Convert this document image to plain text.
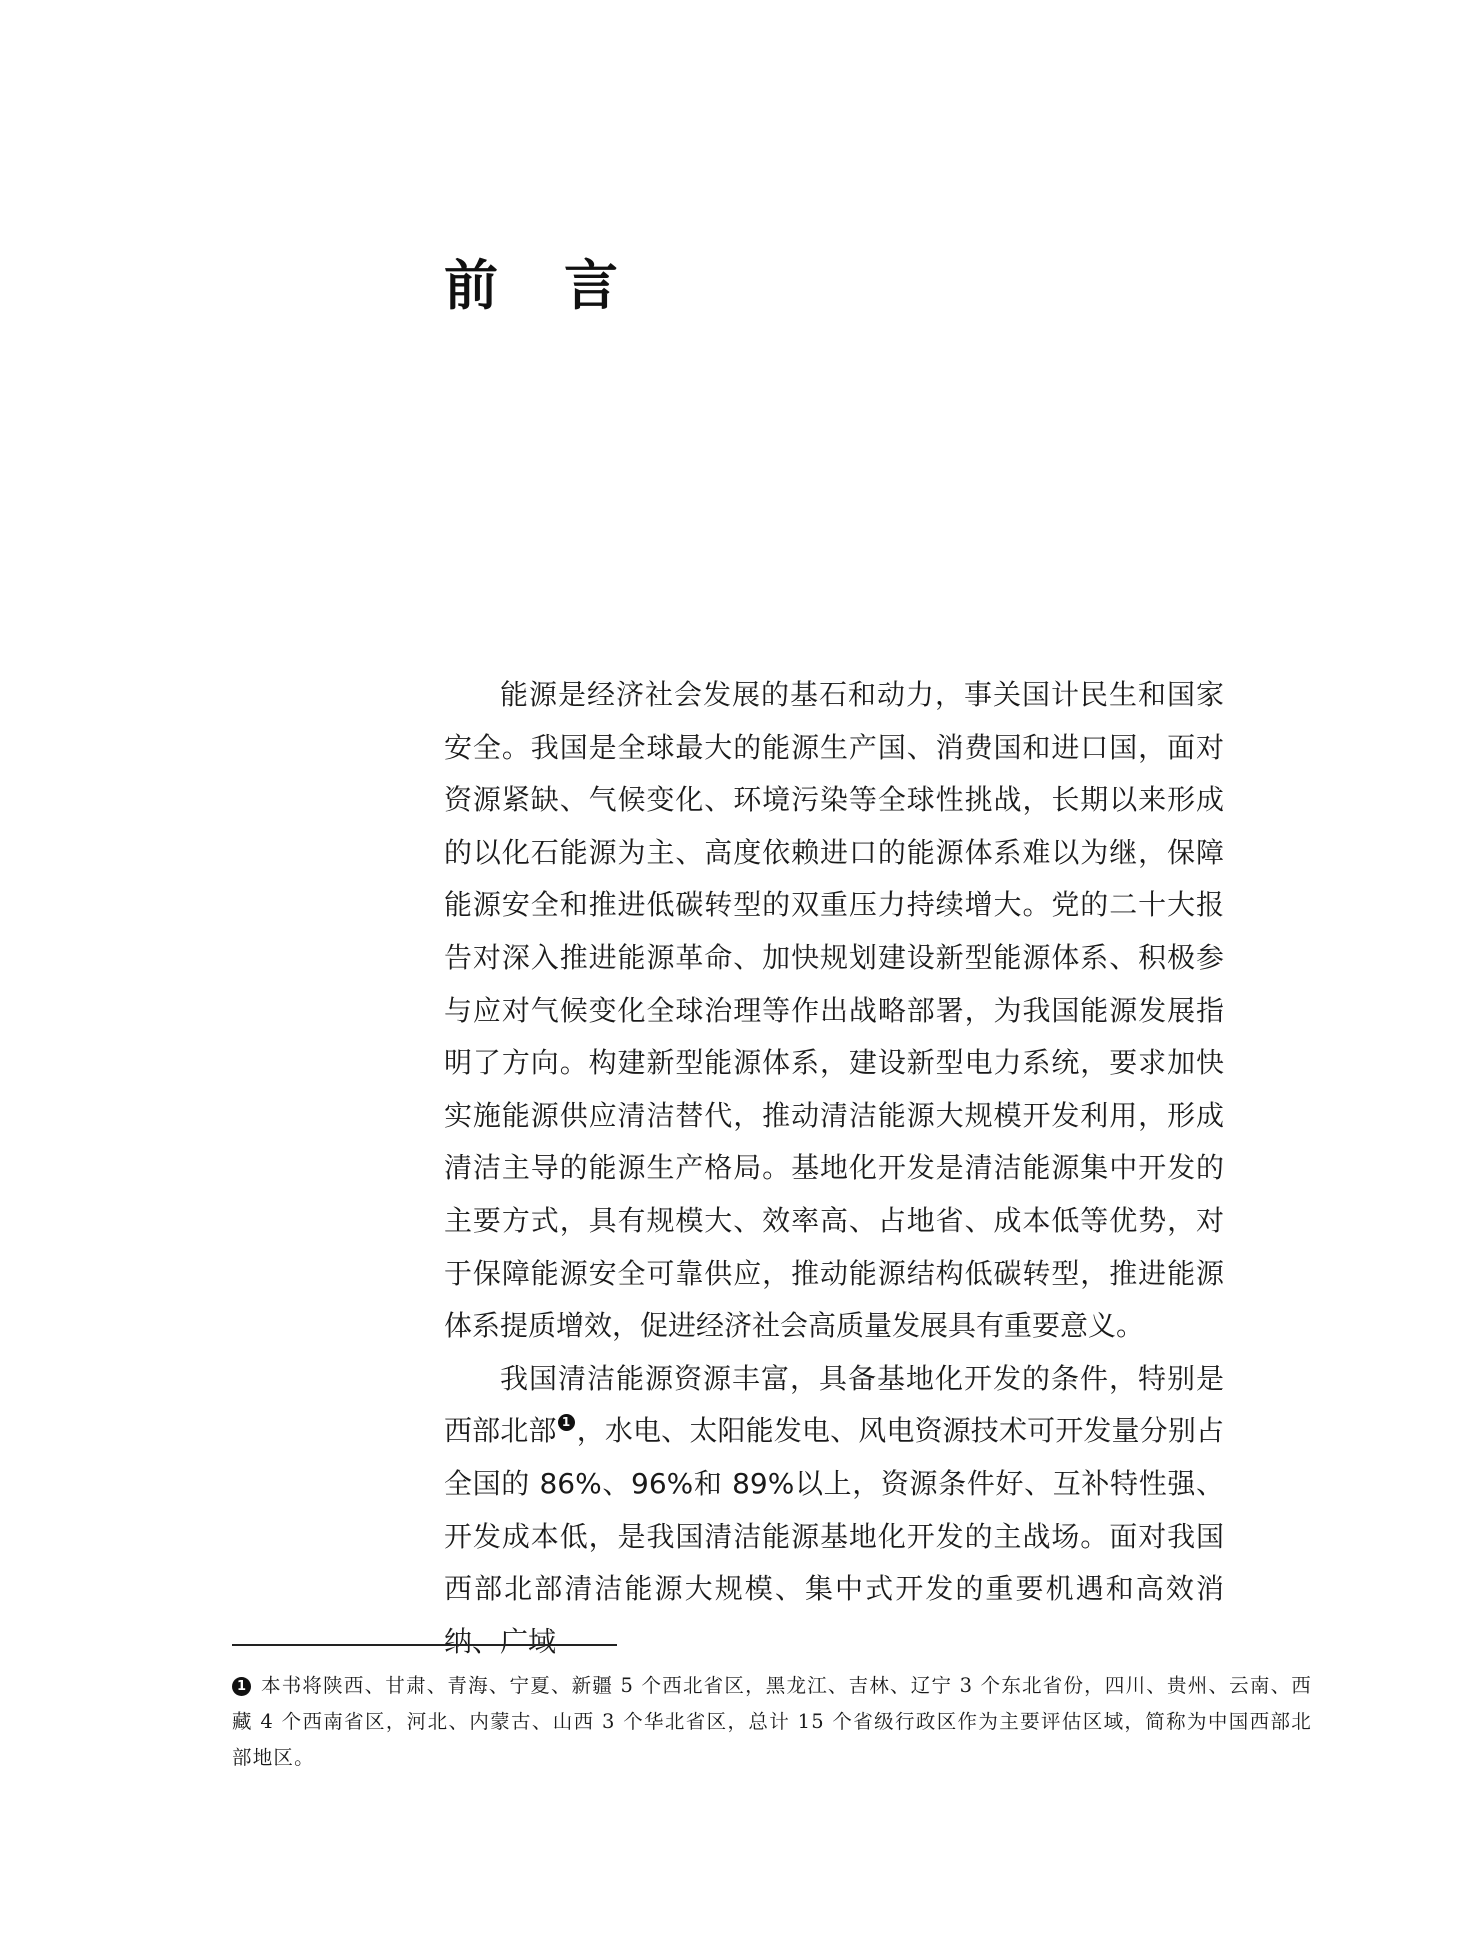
前 言

能源是经济社会发展的基石和动力，事关国计民生和国家安全。我国是全球最大的能源生产国、消费国和进口国，面对资源紧缺、气候变化、环境污染等全球性挑战，长期以来形成的以化石能源为主、高度依赖进口的能源体系难以为继，保障能源安全和推进低碳转型的双重压力持续增大。党的二十大报告对深入推进能源革命、加快规划建设新型能源体系、积极参与应对气候变化全球治理等作出战略部署，为我国能源发展指明了方向。构建新型能源体系，建设新型电力系统，要求加快实施能源供应清洁替代，推动清洁能源大规模开发利用，形成清洁主导的能源生产格局。基地化开发是清洁能源集中开发的主要方式，具有规模大、效率高、占地省、成本低等优势，对于保障能源安全可靠供应，推动能源结构低碳转型，推进能源体系提质增效，促进经济社会高质量发展具有重要意义。

我国清洁能源资源丰富，具备基地化开发的条件，特别是西部北部 1 ，水电、太阳能发电、风电资源技术可开发量分别占全国的 86%、96%和 89%以上，资源条件好、互补特性强、开发成本低，是我国清洁能源基地化开发的主战场。面对我国西部北部清洁能源大规模、集中式开发的重要机遇和高效消纳、广域

1 本书将陕西、甘肃、青海、宁夏、新疆 5 个西北省区，黑龙江、吉林、辽宁 3 个东北省份，四川、贵州、云南、西藏 4 个西南省区，河北、内蒙古、山西 3 个华北省区，总计 15 个省级行政区作为主要评估区域，简称为中国西部北部地区。
